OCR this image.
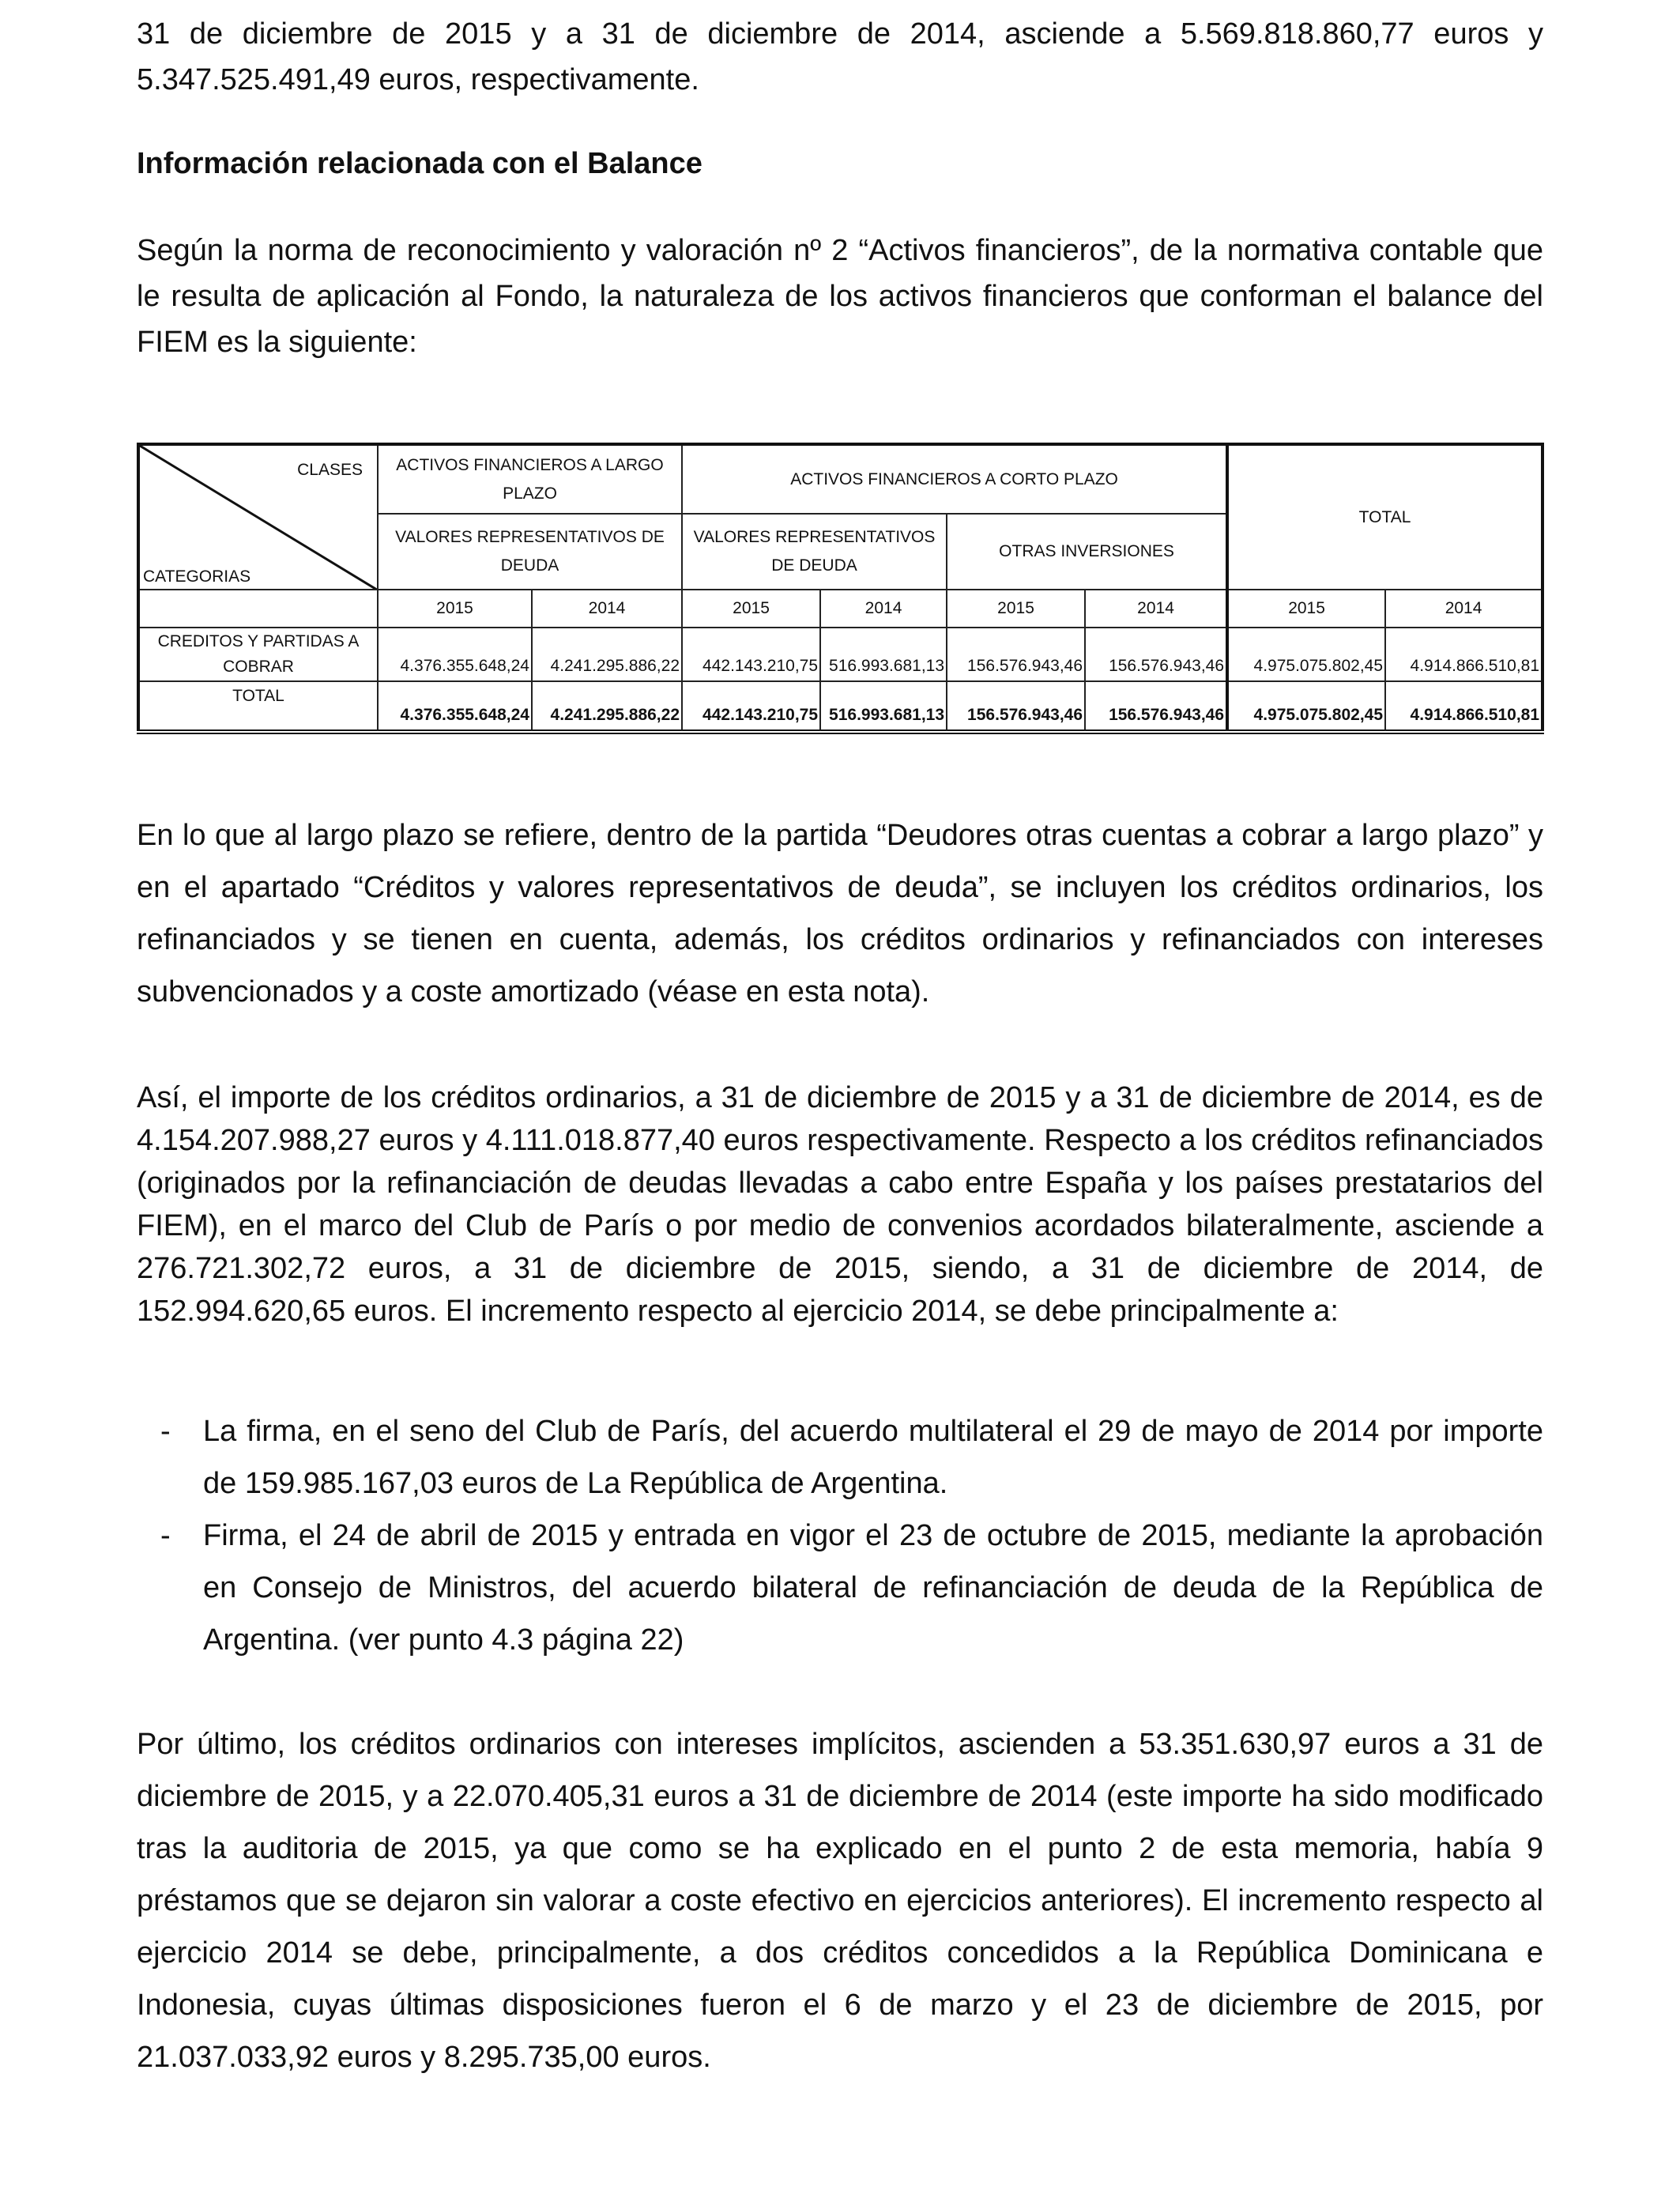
31 de diciembre de 2015 y a 31 de diciembre de 2014, asciende a 5.569.818.860,77 euros y 5.347.525.491,49 euros, respectivamente.

Información relacionada con el Balance

Según la norma de reconocimiento y valoración nº 2 “Activos financieros”, de la normativa contable que le resulta de aplicación al Fondo, la naturaleza de los activos financieros que conforman el balance del FIEM es la siguiente:

CLASES
CATEGORIAS	ACTIVOS FINANCIEROS A LARGO PLAZO		ACTIVOS FINANCIEROS A CORTO PLAZO				TOTAL	
	VALORES REPRESENTATIVOS DE DEUDA		VALORES REPRESENTATIVOS DE DEUDA		OTRAS INVERSIONES			
	2015	2014	2015	2014	2015	2014	2015	2014
CREDITOS Y PARTIDAS A COBRAR	4.376.355.648,24	4.241.295.886,22	442.143.210,75	516.993.681,13	156.576.943,46	156.576.943,46	4.975.075.802,45	4.914.866.510,81
TOTAL	4.376.355.648,24	4.241.295.886,22	442.143.210,75	516.993.681,13	156.576.943,46	156.576.943,46	4.975.075.802,45	4.914.866.510,81

En lo que al largo plazo se refiere, dentro de la partida “Deudores otras cuentas a cobrar a largo plazo” y en el apartado “Créditos y valores representativos de deuda”, se incluyen los créditos ordinarios, los refinanciados y se tienen en cuenta, además, los créditos ordinarios y refinanciados con intereses subvencionados y a coste amortizado (véase en esta nota).

Así, el importe de los créditos ordinarios, a 31 de diciembre de 2015 y a 31 de diciembre de 2014, es de 4.154.207.988,27 euros y 4.111.018.877,40 euros respectivamente. Respecto a los créditos refinanciados (originados por la refinanciación de deudas llevadas a cabo entre España y los países prestatarios del FIEM), en el marco del Club de París o por medio de convenios acordados bilateralmente, asciende a 276.721.302,72 euros, a 31 de diciembre de 2015, siendo, a 31 de diciembre de 2014, de 152.994.620,65 euros. El incremento respecto al ejercicio 2014, se debe principalmente a:

- La firma, en el seno del Club de París, del acuerdo multilateral el 29 de mayo de 2014 por importe de 159.985.167,03 euros de La República de Argentina.
- Firma, el 24 de abril de 2015 y entrada en vigor el 23 de octubre de 2015, mediante la aprobación en Consejo de Ministros, del acuerdo bilateral de refinanciación de deuda de la República de Argentina. (ver punto 4.3 página 22)

Por último, los créditos ordinarios con intereses implícitos, ascienden a 53.351.630,97 euros a 31 de diciembre de 2015, y a 22.070.405,31 euros a 31 de diciembre de 2014 (este importe ha sido modificado tras la auditoria de 2015, ya que como se ha explicado en el punto 2 de esta memoria, había 9 préstamos que se dejaron sin valorar a coste efectivo en ejercicios anteriores). El incremento respecto al ejercicio 2014 se debe, principalmente, a dos créditos concedidos a la República Dominicana e Indonesia, cuyas últimas disposiciones fueron el 6 de marzo y el 23 de diciembre de 2015, por 21.037.033,92 euros y 8.295.735,00 euros.
